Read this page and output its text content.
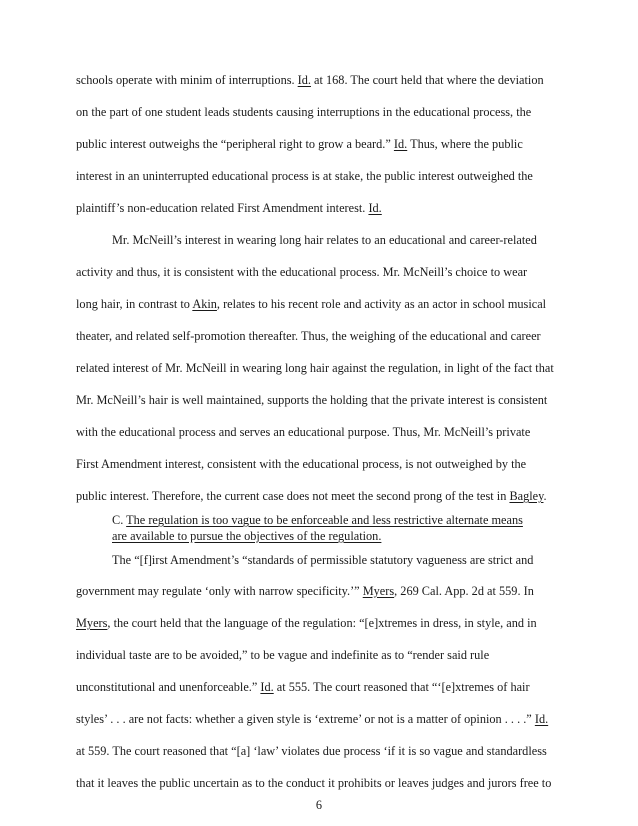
schools operate with minim of interruptions. Id. at 168. The court held that where the deviation

on the part of one student leads students causing interruptions in the educational process, the

public interest outweighs the “peripheral right to grow a beard.” Id. Thus, where the public

interest in an uninterrupted educational process is at stake, the public interest outweighed the

plaintiff’s non-education related First Amendment interest. Id.

Mr. McNeill’s interest in wearing long hair relates to an educational and career-related

activity and thus, it is consistent with the educational process. Mr. McNeill’s choice to wear

long hair, in contrast to Akin, relates to his recent role and activity as an actor in school musical

theater, and related self-promotion thereafter. Thus, the weighing of the educational and career

related interest of Mr. McNeill in wearing long hair against the regulation, in light of the fact that

Mr. McNeill’s hair is well maintained, supports the holding that the private interest is consistent

with the educational process and serves an educational purpose. Thus, Mr. McNeill’s private

First Amendment interest, consistent with the educational process, is not outweighed by the

public interest. Therefore, the current case does not meet the second prong of the test in Bagley.

C. The regulation is too vague to be enforceable and less restrictive alternate means

are available to pursue the objectives of the regulation.

The “[f]irst Amendment’s “standards of permissible statutory vagueness are strict and

government may regulate ‘only with narrow specificity.’” Myers, 269 Cal. App. 2d at 559. In

Myers, the court held that the language of the regulation: “[e]xtremes in dress, in style, and in

individual taste are to be avoided,” to be vague and indefinite as to “render said rule

unconstitutional and unenforceable.” Id. at 555. The court reasoned that “‘[e]xtremes of hair

styles’ . . . are not facts: whether a given style is ‘extreme’ or not is a matter of opinion . . . .” Id.

at 559. The court reasoned that “[a] ‘law’ violates due process ‘if it is so vague and standardless

that it leaves the public uncertain as to the conduct it prohibits or leaves judges and jurors free to

6
